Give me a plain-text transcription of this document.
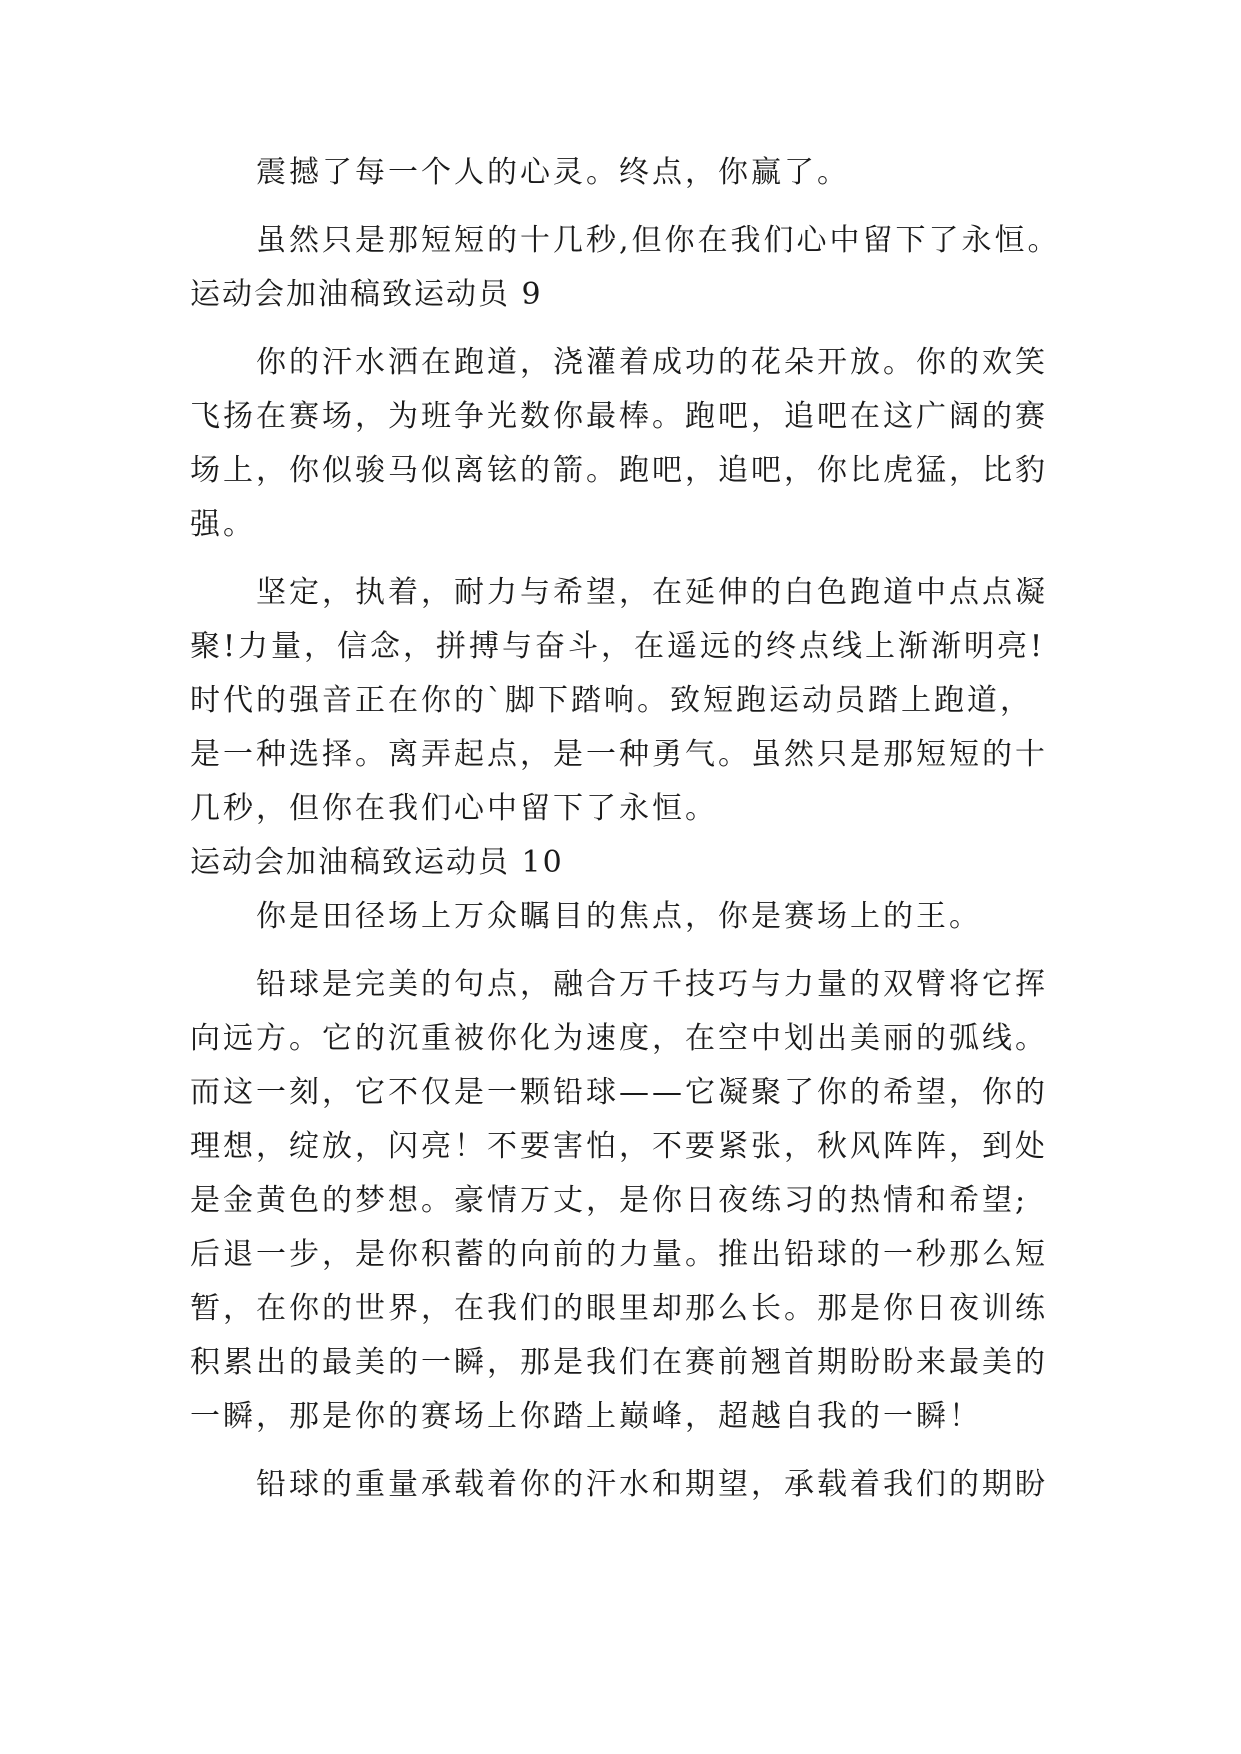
震撼了每一个人的心灵。终点，你赢了。

虽然只是那短短的十几秒,但你在我们心中留下了永恒。

运动会加油稿致运动员 9

你的汗水洒在跑道，浇灌着成功的花朵开放。你的欢笑
飞扬在赛场，为班争光数你最棒。跑吧，追吧在这广阔的赛
场上，你似骏马似离铉的箭。跑吧，追吧，你比虎猛，比豹
强。

坚定，执着，耐力与希望，在延伸的白色跑道中点点凝
聚!力量，信念，拼搏与奋斗，在遥远的终点线上渐渐明亮!
时代的强音正在你的`脚下踏响。致短跑运动员踏上跑道，
是一种选择。离弄起点，是一种勇气。虽然只是那短短的十
几秒，但你在我们心中留下了永恒。

运动会加油稿致运动员 10

你是田径场上万众瞩目的焦点，你是赛场上的王。

铅球是完美的句点，融合万千技巧与力量的双臂将它挥
向远方。它的沉重被你化为速度，在空中划出美丽的弧线。
而这一刻，它不仅是一颗铅球——它凝聚了你的希望，你的
理想，绽放，闪亮！不要害怕，不要紧张，秋风阵阵，到处
是金黄色的梦想。豪情万丈，是你日夜练习的热情和希望;
后退一步，是你积蓄的向前的力量。推出铅球的一秒那么短
暂，在你的世界，在我们的眼里却那么长。那是你日夜训练
积累出的最美的一瞬，那是我们在赛前翘首期盼盼来最美的
一瞬，那是你的赛场上你踏上巅峰，超越自我的一瞬！

铅球的重量承载着你的汗水和期望，承载着我们的期盼
